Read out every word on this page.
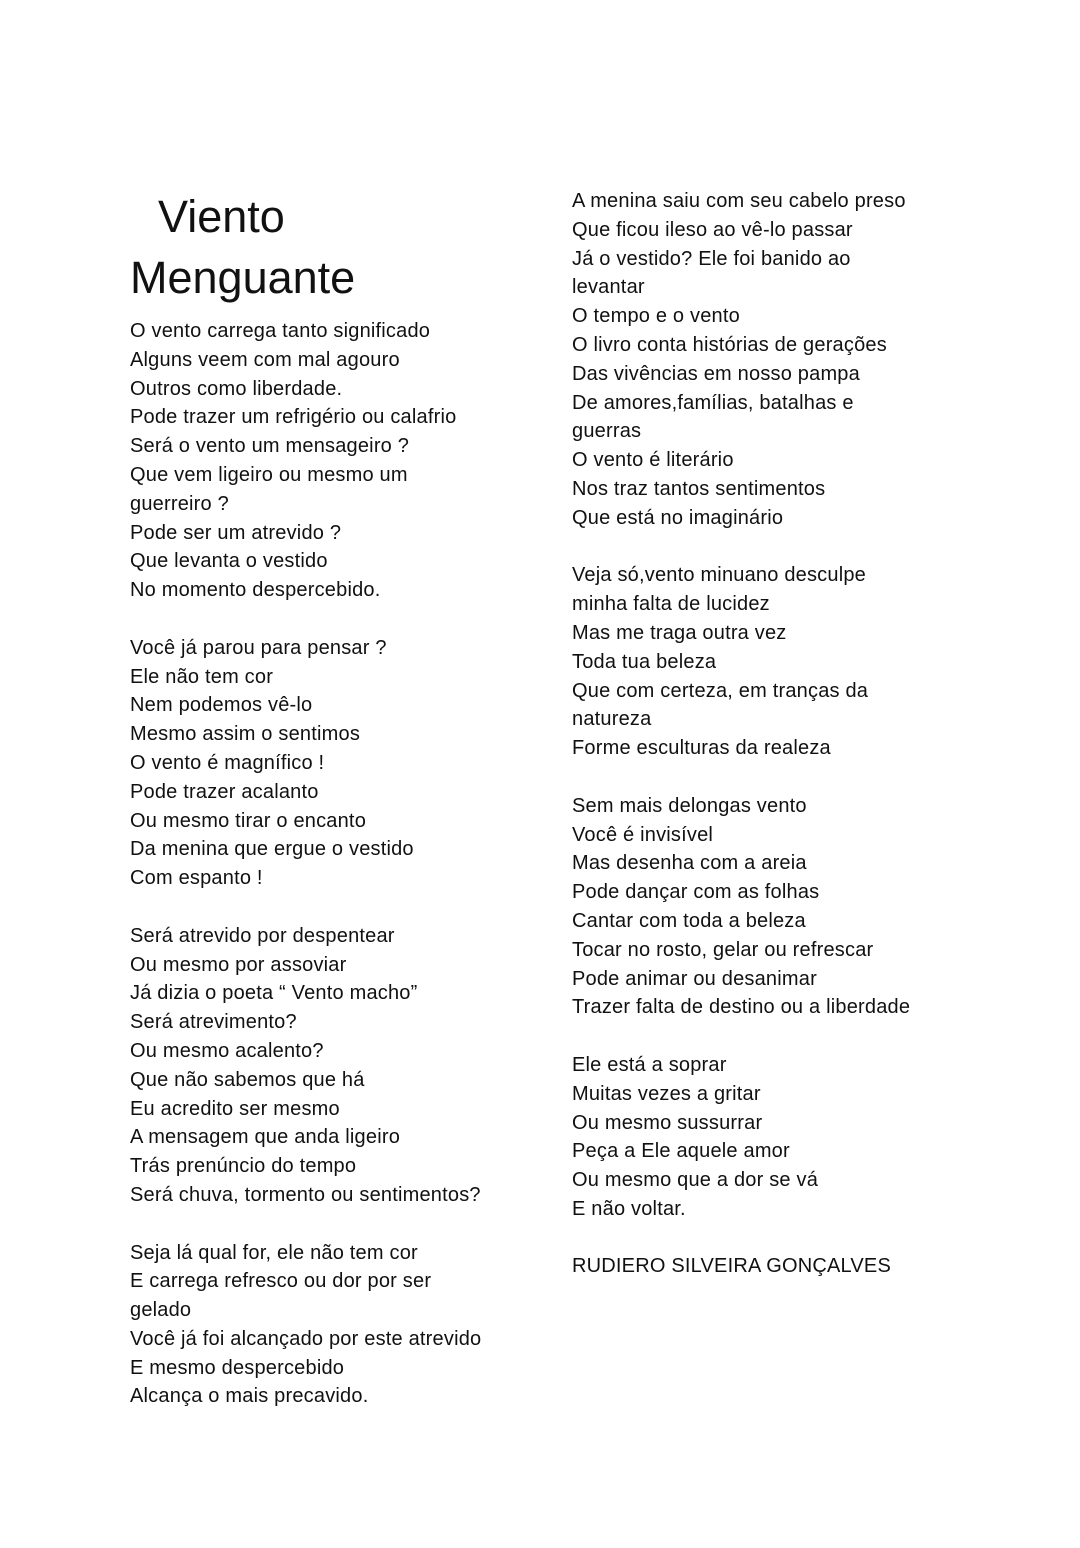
Viento
Menguante
O vento carrega tanto significado
Alguns veem com mal agouro
Outros como liberdade.
Pode trazer um refrigério ou calafrio
Será o vento um mensageiro ?
Que vem ligeiro ou mesmo um
guerreiro ?
Pode ser um atrevido ?
Que levanta o vestido
No momento despercebido.
Você já parou para pensar ?
Ele não tem cor
Nem podemos vê-lo
Mesmo assim o sentimos
O vento é magnífico !
Pode trazer acalanto
Ou mesmo tirar o encanto
Da menina que ergue o vestido
Com espanto !
Será atrevido por despentear
Ou mesmo por assoviar
Já dizia o poeta “ Vento macho”
Será atrevimento?
Ou mesmo acalento?
Que não sabemos que há
Eu acredito ser mesmo
A mensagem que anda ligeiro
Trás prenúncio do tempo
Será chuva, tormento ou sentimentos?
Seja lá qual for, ele não tem cor
E carrega refresco ou dor por ser
gelado
Você já foi alcançado por este atrevido
E mesmo despercebido
Alcança o mais precavido.
A menina saiu com seu cabelo preso
Que ficou ileso ao vê-lo passar
Já o vestido? Ele foi banido ao
levantar
O tempo e o vento
O livro conta histórias de gerações
Das vivências em nosso pampa
De amores,famílias, batalhas e
guerras
O vento é literário
Nos traz tantos sentimentos
Que está no imaginário
Veja só,vento minuano desculpe
minha falta de lucidez
Mas me traga outra vez
Toda tua beleza
Que com certeza, em tranças da
natureza
Forme esculturas da realeza
Sem mais delongas vento
Você é invisível
Mas desenha com a areia
Pode dançar com as folhas
Cantar com toda a beleza
Tocar no rosto, gelar ou refrescar
Pode animar ou desanimar
Trazer falta de destino ou a liberdade
Ele está a soprar
Muitas vezes a gritar
Ou mesmo sussurrar
Peça a Ele aquele amor
Ou mesmo que a dor se vá
E não voltar.
RUDIERO SILVEIRA GONÇALVES
